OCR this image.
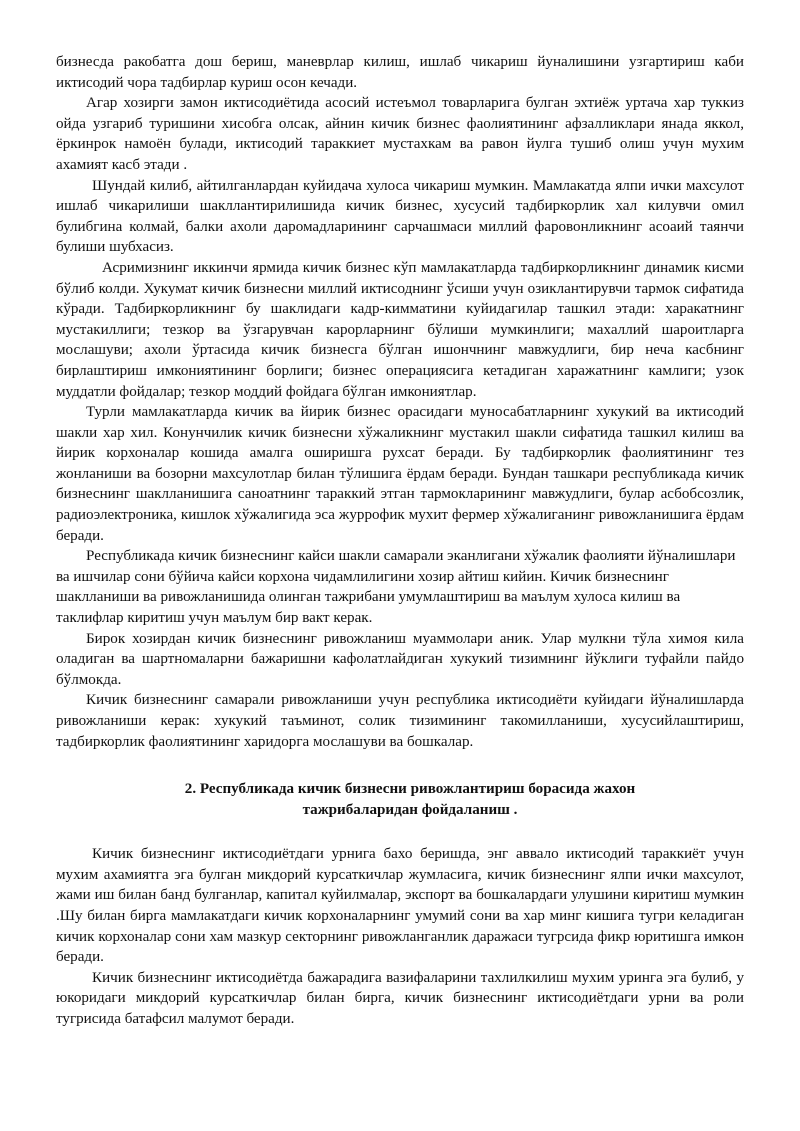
бизнесда ракобатга дош бериш, маневрлар килиш, ишлаб чикариш йуналишини узгартириш каби иктисодий чора тадбирлар куриш осон кечади.

Агар хозирги замон иктисодиётида асосий истеъмол товарларига булган эхтиёж уртача хар туккиз ойда узгариб туришини хисобга олсак, айнин кичик бизнес фаолиятининг афзалликлари янада яккол, ёркинрок намоён булади, иктисодий тараккиет мустахкам ва равон йулга тушиб олиш учун мухим ахамият касб этади .

Шундай килиб, айтилганлардан куйидача хулоса чикариш мумкин. Мамлакатда ялпи ички махсулот ишлаб чикарилиши шакллантирилишида кичик бизнес, хусусий тадбиркорлик хал килувчи омил булибгина колмай, балки ахоли даромадларининг сарчашмаси миллий фаровонликнинг асоаий таянчи булиши шубхасиз.

Асримизнинг иккинчи ярмида кичик бизнес кўп мамлакатларда тадбиркорликнинг динамик кисми бўлиб колди. Хукумат кичик бизнесни миллий иктисоднинг ўсиши учун озиклантирувчи тармок сифатида кўради. Тадбиркорликнинг бу шаклидаги кадр-кимматини куйидагилар ташкил этади: харакатнинг мустакиллиги; тезкор ва ўзгарувчан карорларнинг бўлиши мумкинлиги; махаллий шароитларга мослашуви; ахоли ўртасида кичик бизнесга бўлган ишончнинг мавжудлиги, бир неча касбнинг бирлаштириш имкониятининг борлиги; бизнес операциясига кетадиган харажатнинг камлиги; узок муддатли фойдалар; тезкор моддий фойдага бўлган имкониятлар.

Турли мамлакатларда кичик ва йирик бизнес орасидаги муносабатларнинг хукукий ва иктисодий шакли хар хил. Конунчилик кичик бизнесни хўжаликнинг мустакил шакли сифатида ташкил килиш ва йирик корхоналар кошида амалга оширишга рухсат беради. Бу тадбиркорлик фаолиятининг тез жонланиши ва бозорни махсулотлар билан тўлишига ёрдам беради. Бундан ташкари республикада кичик бизнеснинг шаклланишига саноатнинг тараккий этган тармокларининг мавжудлиги, булар асбобсозлик, радиоэлектроника, кишлок хўжалигида эса журрофик мухит фермер хўжалиганинг ривожланишига ёрдам беради.

Республикада кичик бизнеснинг кайси шакли самарали эканлигани хўжалик фаолияти йўналишлари ва ишчилар сони бўйича кайси корхона чидамлилигини хозир айтиш кийин. Кичик бизнеснинг шаклланиши ва ривожланишида олинган тажрибани умумлаштириш ва маълум хулоса килиш ва таклифлар киритиш учун маълум бир вакт керак.

Бирок хозирдан кичик бизнеснинг ривожланиш муаммолари аник. Улар мулкни тўла химоя кила оладиган ва шартномаларни бажаришни кафолатлайдиган хукукий тизимнинг йўклиги туфайли пайдо бўлмокда.

Кичик бизнеснинг самарали ривожланиши учун республика иктисодиёти куйидаги йўналишларда ривожланиши керак: хукукий таъминот, солик тизимининг такомилланиши, хусусийлаштириш, тадбиркорлик фаолиятининг харидорга мослашуви ва бошкалар.

2. Республикада кичик бизнесни ривожлантириш борасида жахон
тажрибаларидан фойдаланиш .

Кичик бизнеснинг иктисодиётдаги урнига бахо беришда, энг аввало иктисодий тараккиёт учун мухим ахамиятга эга булган микдорий курсаткичлар жумласига, кичик бизнеснинг ялпи ички махсулот, жами иш билан банд булганлар, капитал куйилмалар, экспорт ва бошкалардаги улушини киритиш мумкин .Шу билан бирга мамлакатдаги кичик корхоналарнинг умумий сони ва хар минг кишига тугри келадиган кичик корхоналар сони хам мазкур секторнинг ривожланганлик даражаси тугрсида фикр юритишга имкон беради.

Кичик бизнеснинг иктисодиётда бажарадига вазифаларини тахлилкилиш мухим уринга эга булиб, у юкоридаги микдорий курсаткичлар билан бирга, кичик бизнеснинг иктисодиётдаги урни ва роли тугрисида батафсил малумот беради.
